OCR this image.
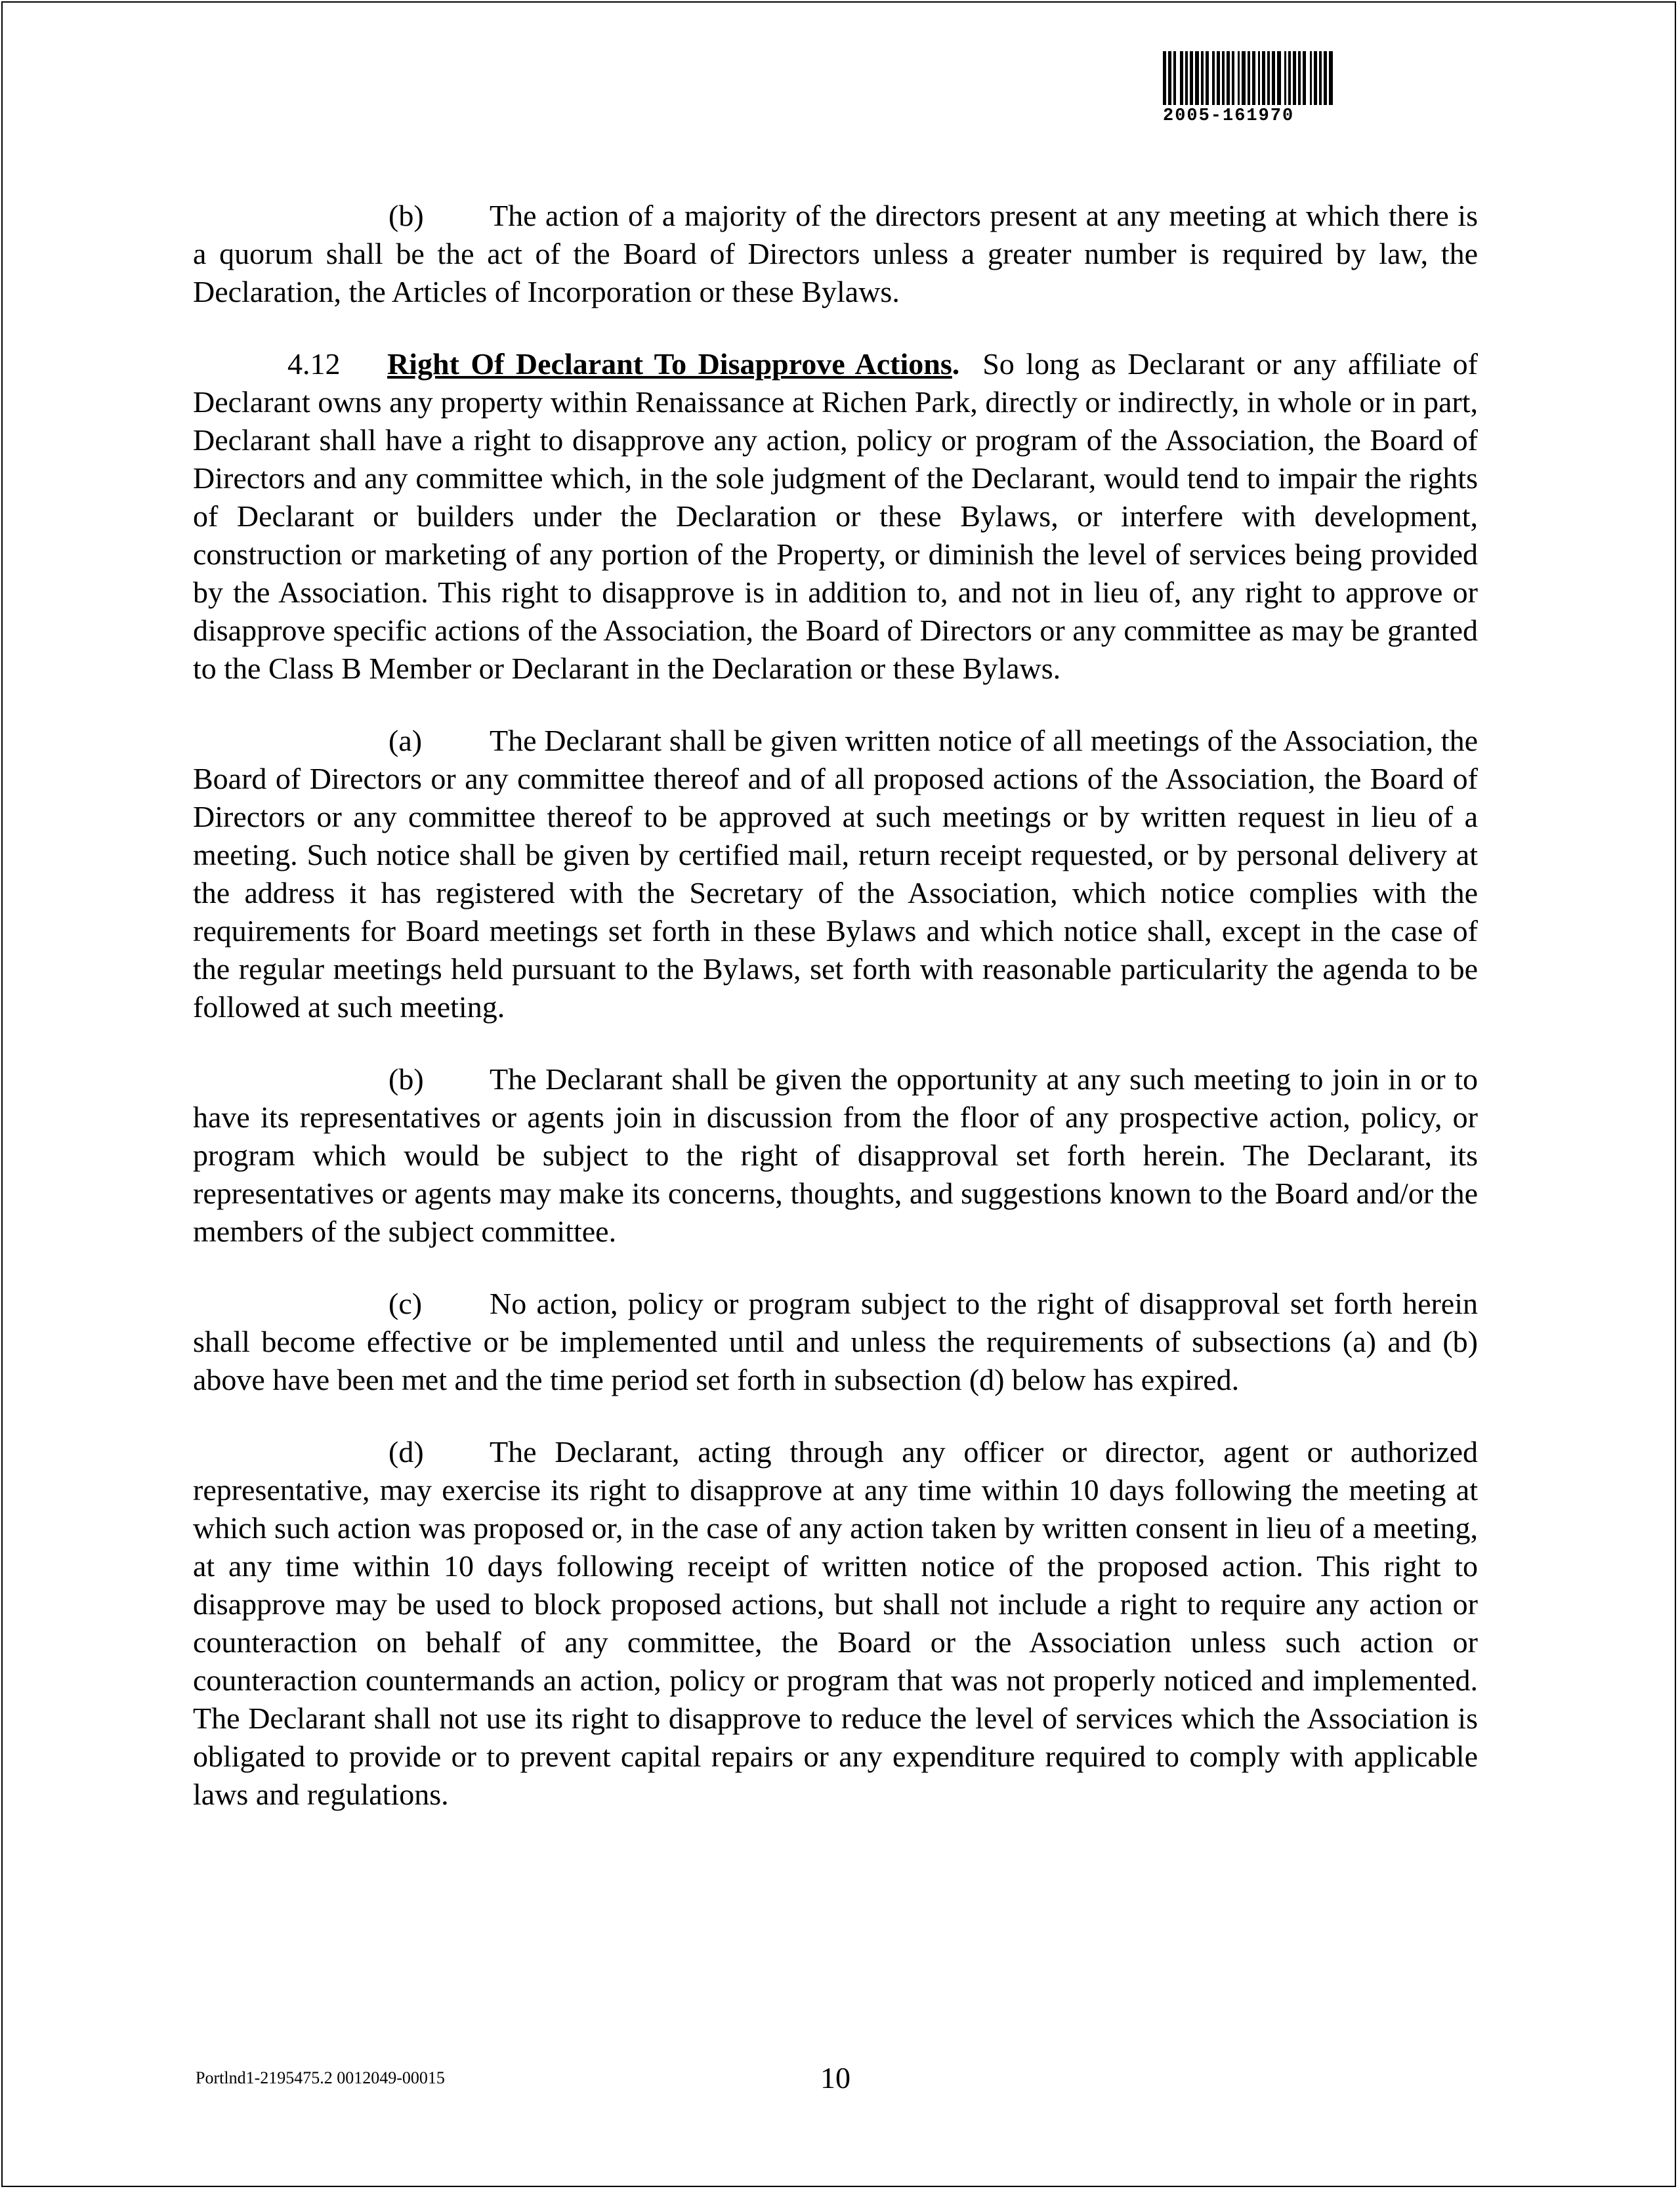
2005-161970

(b) The action of a majority of the directors present at any meeting at which there is a quorum shall be the act of the Board of Directors unless a greater number is required by law, the Declaration, the Articles of Incorporation or these Bylaws.

4.12 Right Of Declarant To Disapprove Actions. So long as Declarant or any affiliate of Declarant owns any property within Renaissance at Richen Park, directly or indirectly, in whole or in part, Declarant shall have a right to disapprove any action, policy or program of the Association, the Board of Directors and any committee which, in the sole judgment of the Declarant, would tend to impair the rights of Declarant or builders under the Declaration or these Bylaws, or interfere with development, construction or marketing of any portion of the Property, or diminish the level of services being provided by the Association. This right to disapprove is in addition to, and not in lieu of, any right to approve or disapprove specific actions of the Association, the Board of Directors or any committee as may be granted to the Class B Member or Declarant in the Declaration or these Bylaws.

(a) The Declarant shall be given written notice of all meetings of the Association, the Board of Directors or any committee thereof and of all proposed actions of the Association, the Board of Directors or any committee thereof to be approved at such meetings or by written request in lieu of a meeting. Such notice shall be given by certified mail, return receipt requested, or by personal delivery at the address it has registered with the Secretary of the Association, which notice complies with the requirements for Board meetings set forth in these Bylaws and which notice shall, except in the case of the regular meetings held pursuant to the Bylaws, set forth with reasonable particularity the agenda to be followed at such meeting.

(b) The Declarant shall be given the opportunity at any such meeting to join in or to have its representatives or agents join in discussion from the floor of any prospective action, policy, or program which would be subject to the right of disapproval set forth herein. The Declarant, its representatives or agents may make its concerns, thoughts, and suggestions known to the Board and/or the members of the subject committee.

(c) No action, policy or program subject to the right of disapproval set forth herein shall become effective or be implemented until and unless the requirements of subsections (a) and (b) above have been met and the time period set forth in subsection (d) below has expired.

(d) The Declarant, acting through any officer or director, agent or authorized representative, may exercise its right to disapprove at any time within 10 days following the meeting at which such action was proposed or, in the case of any action taken by written consent in lieu of a meeting, at any time within 10 days following receipt of written notice of the proposed action. This right to disapprove may be used to block proposed actions, but shall not include a right to require any action or counteraction on behalf of any committee, the Board or the Association unless such action or counteraction countermands an action, policy or program that was not properly noticed and implemented. The Declarant shall not use its right to disapprove to reduce the level of services which the Association is obligated to provide or to prevent capital repairs or any expenditure required to comply with applicable laws and regulations.

Portlnd1-2195475.2 0012049-00015	10
